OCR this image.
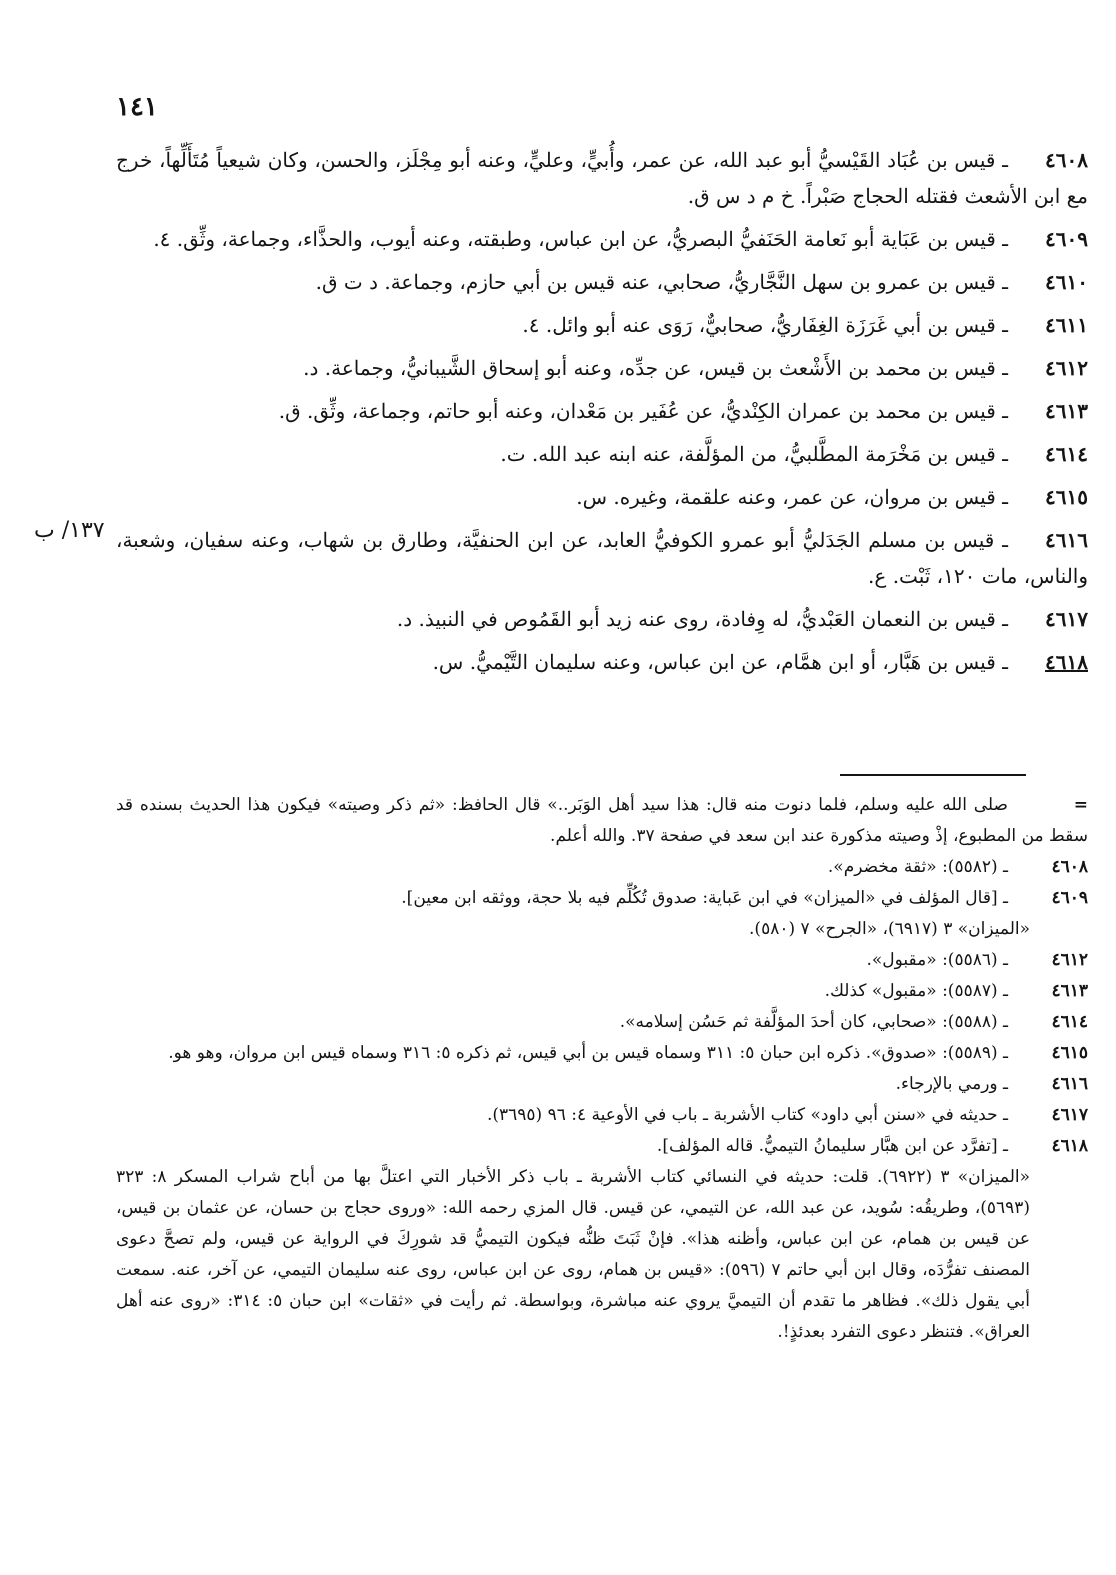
١٤١
١٣٧/ ب
٤٦٠٨ـ قيس بن عُبَاد القَيْسيُّ أبو عبد الله، عن عمر، وأُبيٍّ، وعليٍّ، وعنه أبو مِجْلَز، والحسن، وكان شيعياً مُتَأَلِّهاً، خرج مع ابن الأشعث فقتله الحجاج صَبْراً. خ م د س ق.
٤٦٠٩ـ قيس بن عَبَاية أبو نَعامة الحَنَفيُّ البصريُّ، عن ابن عباس، وطبقته، وعنه أيوب، والحذَّاء، وجماعة، وثِّق. ٤.
٤٦١٠ـ قيس بن عمرو بن سهل النَّجَّاريُّ، صحابي، عنه قيس بن أبي حازم، وجماعة. د ت ق.
٤٦١١ـ قيس بن أبي غَرَزَة الغِفَاريُّ، صحابيٌّ، رَوَى عنه أبو وائل. ٤.
٤٦١٢ـ قيس بن محمد بن الأَشْعث بن قيس، عن جدِّه، وعنه أبو إسحاق الشَّيبانيُّ، وجماعة. د.
٤٦١٣ـ قيس بن محمد بن عمران الكِنْديُّ، عن عُفَير بن مَعْدان، وعنه أبو حاتم، وجماعة، وثِّق. ق.
٤٦١٤ـ قيس بن مَخْرَمة المطَّلبيُّ، من المؤلَّفة، عنه ابنه عبد الله. ت.
٤٦١٥ـ قيس بن مروان، عن عمر، وعنه علقمة، وغيره. س.
٤٦١٦ـ قيس بن مسلم الجَدَليُّ أبو عمرو الكوفيُّ العابد، عن ابن الحنفيَّة، وطارق بن شهاب، وعنه سفيان، وشعبة، والناس، مات ١٢٠، ثَبْت. ع.
٤٦١٧ـ قيس بن النعمان العَبْديُّ، له وِفادة، روى عنه زيد أبو القَمُوص في النبيذ. د.
٤٦١٨ـ قيس بن هَبَّار، أو ابن همَّام، عن ابن عباس، وعنه سليمان التَّيْميُّ. س.
=صلى الله عليه وسلم، فلما دنوت منه قال: هذا سيد أهل الوَبَر..» قال الحافظ: «ثم ذكر وصيته» فيكون هذا الحديث بسنده قد سقط من المطبوع، إذْ وصيته مذكورة عند ابن سعد في صفحة ٣٧. والله أعلم.
٤٦٠٨ـ (٥٥٨٢): «ثقة مخضرم».
٤٦٠٩ـ [قال المؤلف في «الميزان» في ابن عَباية: صدوق تُكُلِّم فيه بلا حجة، ووثقه ابن معين].
«الميزان» ٣ (٦٩١٧)، «الجرح» ٧ (٥٨٠).
٤٦١٢ـ (٥٥٨٦): «مقبول».
٤٦١٣ـ (٥٥٨٧): «مقبول» كذلك.
٤٦١٤ـ (٥٥٨٨): «صحابي، كان أحدَ المؤلَّفة ثم حَسُن إسلامه».
٤٦١٥ـ (٥٥٨٩): «صدوق». ذكره ابن حبان ٥: ٣١١ وسماه قيس بن أبي قيس، ثم ذكره ٥: ٣١٦ وسماه قيس ابن مروان، وهو هو.
٤٦١٦ـ ورمي بالإرجاء.
٤٦١٧ـ حديثه في «سنن أبي داود» كتاب الأشربة ـ باب في الأوعية ٤: ٩٦ (٣٦٩٥).
٤٦١٨ـ [تفرَّد عن ابن هبَّار سليمانُ التيميُّ. قاله المؤلف].
«الميزان» ٣ (٦٩٢٢). قلت: حديثه في النسائي كتاب الأشربة ـ باب ذكر الأخبار التي اعتلَّ بها من أباح شراب المسكر ٨: ٣٢٣ (٥٦٩٣)، وطريقُه: سُويد، عن عبد الله، عن التيمي، عن قيس. قال المزي رحمه الله: «وروى حجاج بن حسان، عن عثمان بن قيس، عن قيس بن همام، عن ابن عباس، وأظنه هذا». فإنْ ثَبَتَ ظنُّه فيكون التيميُّ قد شورِكَ في الرواية عن قيس، ولم تصحَّ دعوى المصنف تفرُّدَه، وقال ابن أبي حاتم ٧ (٥٩٦): «قيس بن همام، روى عن ابن عباس، روى عنه سليمان التيمي، عن آخر، عنه. سمعت أبي يقول ذلك». فظاهر ما تقدم أن التيميَّ يروي عنه مباشرة، وبواسطة. ثم رأيت في «ثقات» ابن حبان ٥: ٣١٤: «روى عنه أهل العراق». فتنظر دعوى التفرد بعدئذٍ!.
